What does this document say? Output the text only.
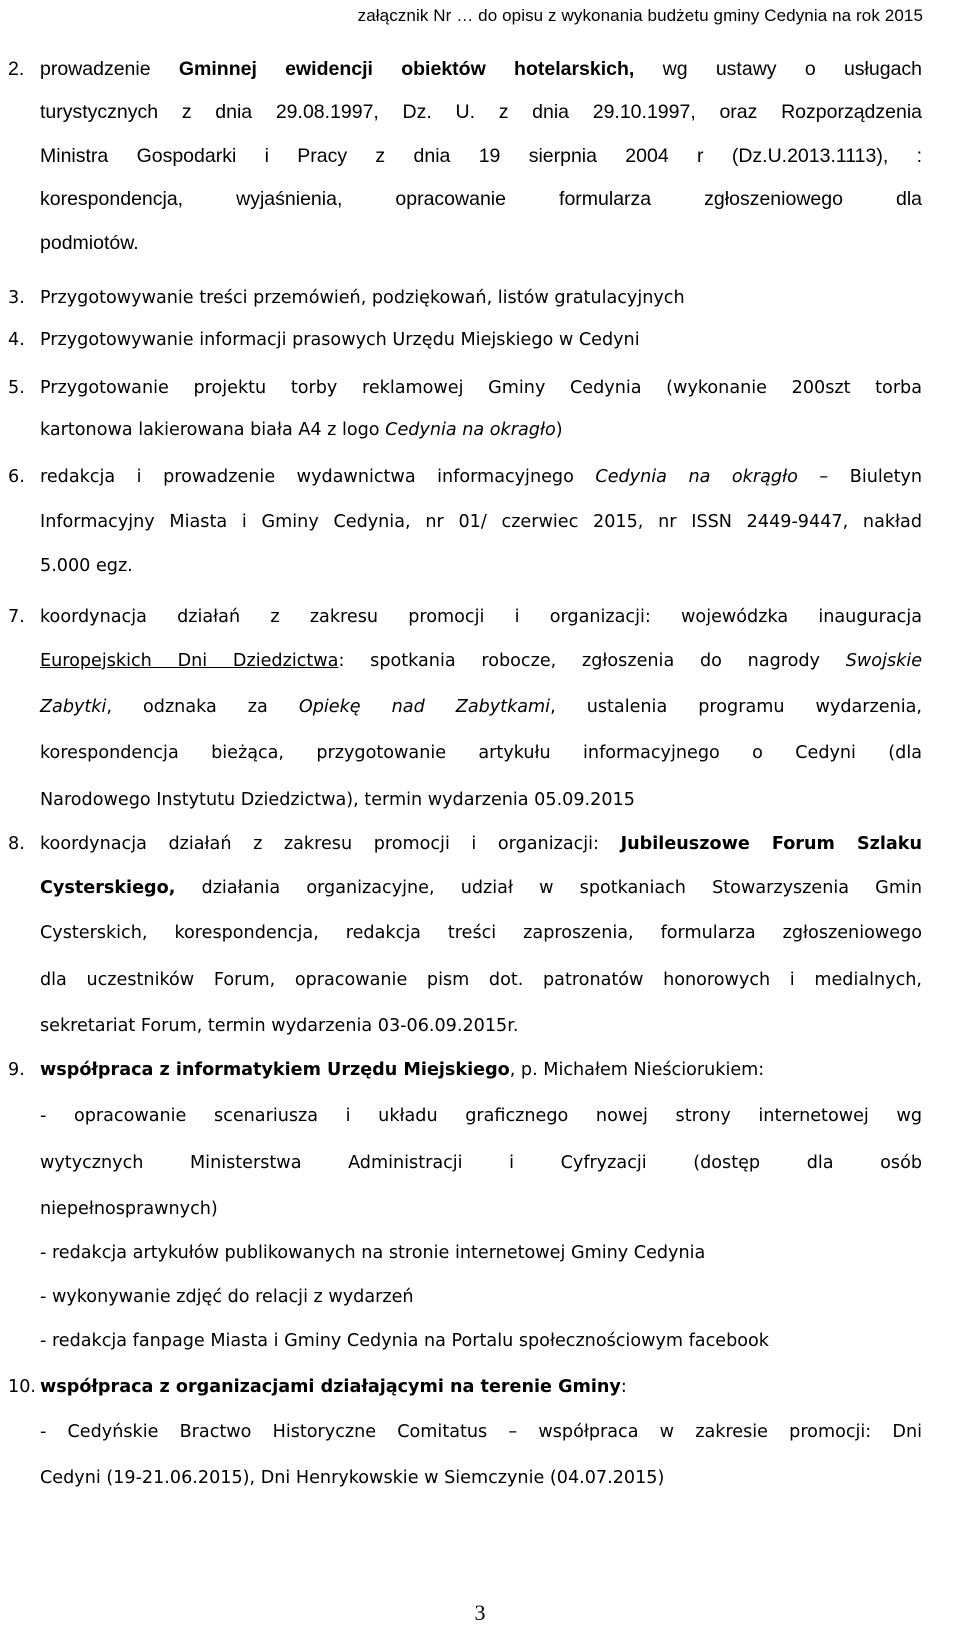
załącznik Nr … do opisu z wykonania budżetu gminy Cedynia na rok 2015
2. prowadzenie Gminnej ewidencji obiektów hotelarskich, wg ustawy o usługach
turystycznych z dnia 29.08.1997, Dz. U. z dnia 29.10.1997, oraz Rozporządzenia
Ministra Gospodarki i Pracy z dnia 19 sierpnia 2004 r (Dz.U.2013.1113), :
korespondencja, wyjaśnienia, opracowanie formularza zgłoszeniowego dla
podmiotów.
3. Przygotowywanie treści przemówień, podziękowań, listów gratulacyjnych
4. Przygotowywanie informacji prasowych Urzędu Miejskiego w Cedyni
5. Przygotowanie projektu torby reklamowej Gminy Cedynia (wykonanie 200szt torba
kartonowa lakierowana biała A4 z logo Cedynia na okragło)
6. redakcja i prowadzenie wydawnictwa informacyjnego Cedynia na okrągło – Biuletyn
Informacyjny Miasta i Gminy Cedynia, nr 01/ czerwiec 2015, nr ISSN 2449-9447, nakład
5.000 egz.
7. koordynacja działań z zakresu promocji i organizacji: wojewódzka inauguracja
Europejskich Dni Dziedzictwa: spotkania robocze, zgłoszenia do nagrody Swojskie
Zabytki, odznaka za Opiekę nad Zabytkami, ustalenia programu wydarzenia,
korespondencja bieżąca, przygotowanie artykułu informacyjnego o Cedyni (dla
Narodowego Instytutu Dziedzictwa), termin wydarzenia 05.09.2015
8. koordynacja działań z zakresu promocji i organizacji: Jubileuszowe Forum Szlaku
Cysterskiego, działania organizacyjne, udział w spotkaniach Stowarzyszenia Gmin
Cysterskich, korespondencja, redakcja treści zaproszenia, formularza zgłoszeniowego
dla uczestników Forum, opracowanie pism dot. patronatów honorowych i medialnych,
sekretariat Forum, termin wydarzenia 03-06.09.2015r.
9. współpraca z informatykiem Urzędu Miejskiego, p. Michałem Nieściorukiem:
- opracowanie scenariusza i układu graficznego nowej strony internetowej wg
wytycznych Ministerstwa Administracji i Cyfryzacji (dostęp dla osób
niepełnosprawnych)
- redakcja artykułów publikowanych na stronie internetowej Gminy Cedynia
- wykonywanie zdjęć do relacji z wydarzeń
- redakcja fanpage Miasta i Gminy Cedynia na Portalu społecznościowym facebook
10. współpraca z organizacjami działającymi na terenie Gminy:
- Cedyńskie Bractwo Historyczne Comitatus – współpraca w zakresie promocji: Dni
Cedyni (19-21.06.2015), Dni Henrykowskie w Siemczynie (04.07.2015)
3
